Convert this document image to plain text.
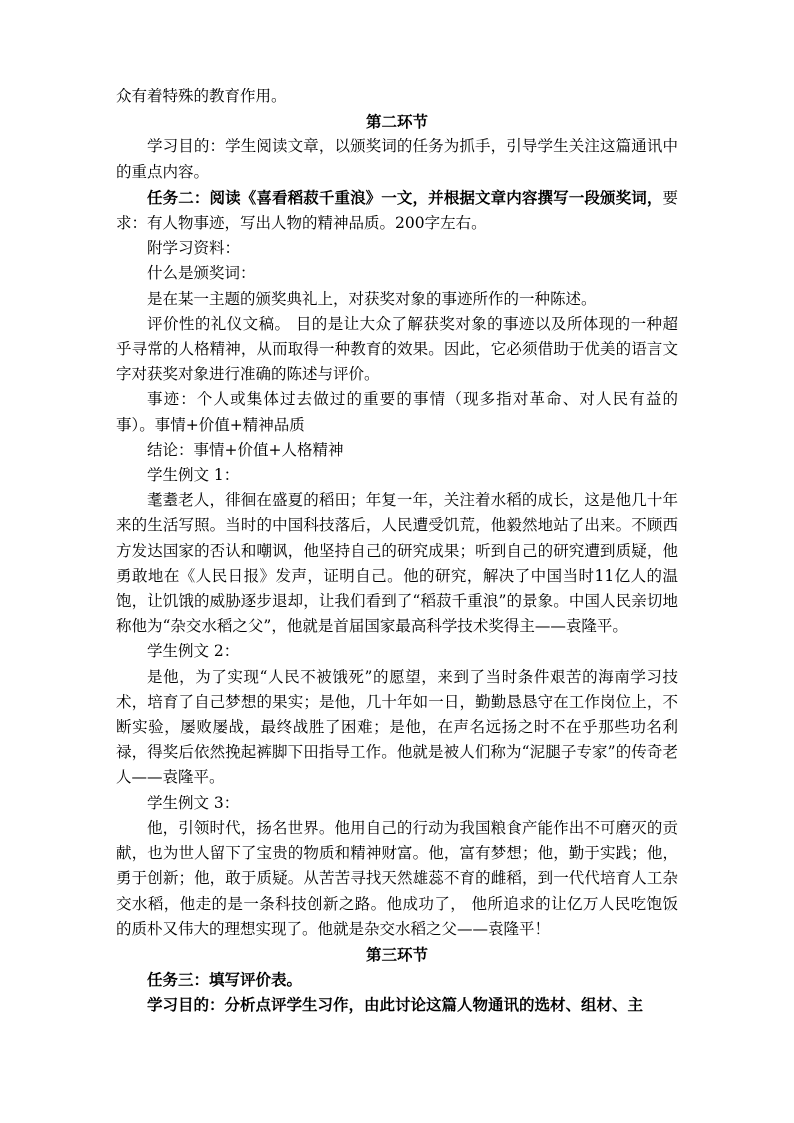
众有着特殊的教育作用。

第二环节

学习目的：学生阅读文章，以颁奖词的任务为抓手，引导学生关注这篇通讯中的重点内容。

任务二：阅读《喜看稻菽千重浪》一文，并根据文章内容撰写一段颁奖词，要求：有人物事迹，写出人物的精神品质。200字左右。

附学习资料：

什么是颁奖词：

是在某一主题的颁奖典礼上，对获奖对象的事迹所作的一种陈述。

评价性的礼仪文稿。 目的是让大众了解获奖对象的事迹以及所体现的一种超乎寻常的人格精神，从而取得一种教育的效果。因此，它必须借助于优美的语言文字对获奖对象进行准确的陈述与评价。

事迹：个人或集体过去做过的重要的事情（现多指对革命、对人民有益的事）。事情+价值+精神品质

结论：事情+价值+人格精神

学生例文 1：

耄耋老人，徘徊在盛夏的稻田；年复一年，关注着水稻的成长，这是他几十年来的生活写照。当时的中国科技落后，人民遭受饥荒，他毅然地站了出来。不顾西方发达国家的否认和嘲讽，他坚持自己的研究成果；听到自己的研究遭到质疑，他勇敢地在《人民日报》发声，证明自己。他的研究，解决了中国当时11亿人的温饱，让饥饿的威胁逐步退却，让我们看到了“稻菽千重浪”的景象。中国人民亲切地称他为“杂交水稻之父”，他就是首届国家最高科学技术奖得主——袁隆平。

学生例文 2：

是他，为了实现“人民不被饿死”的愿望，来到了当时条件艰苦的海南学习技术，培育了自己梦想的果实；是他，几十年如一日，勤勤恳恳守在工作岗位上，不断实验，屡败屡战，最终战胜了困难；是他，在声名远扬之时不在乎那些功名利禄，得奖后依然挽起裤脚下田指导工作。他就是被人们称为“泥腿子专家”的传奇老人——袁隆平。

学生例文 3：

他，引领时代，扬名世界。他用自己的行动为我国粮食产能作出不可磨灭的贡献，也为世人留下了宝贵的物质和精神财富。他，富有梦想；他，勤于实践；他，勇于创新；他，敢于质疑。从苦苦寻找天然雄蕊不育的雌稻，到一代代培育人工杂交水稻，他走的是一条科技创新之路。他成功了， 他所追求的让亿万人民吃饱饭的质朴又伟大的理想实现了。他就是杂交水稻之父——袁隆平！

第三环节

任务三：填写评价表。

学习目的：分析点评学生习作，由此讨论这篇人物通讯的选材、组材、主
